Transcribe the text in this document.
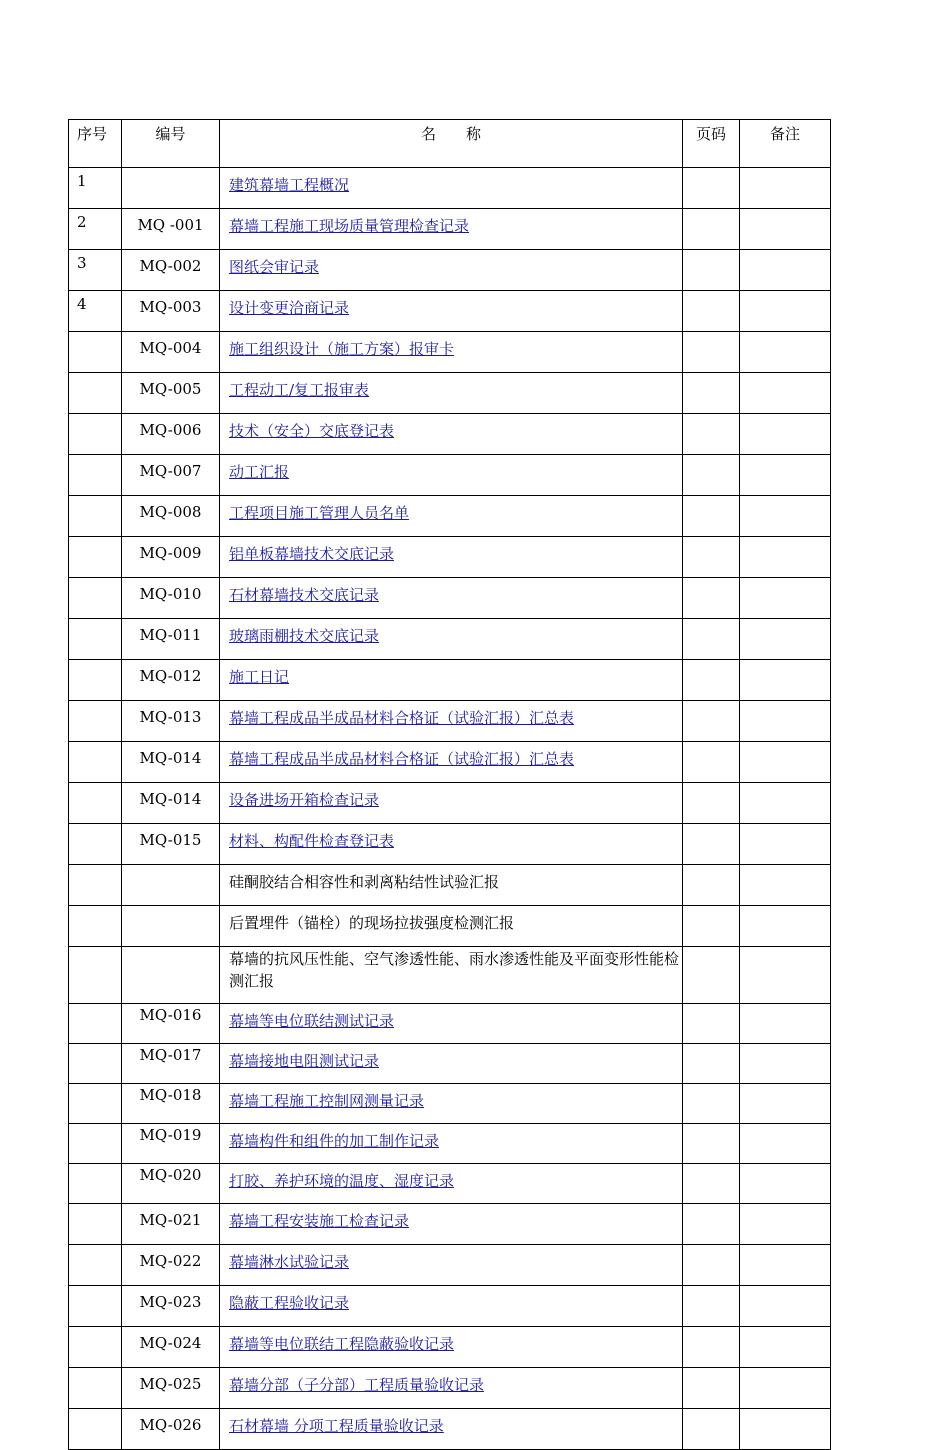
序号	编号	名　　称	页码	备注
1		建筑幕墙工程概况		
2	MQ -001	幕墙工程施工现场质量管理检查记录		
3	MQ-002	图纸会审记录		
4	MQ-003	设计变更洽商记录		
	MQ-004	施工组织设计（施工方案）报审卡		
	MQ-005	工程动工/复工报审表		
	MQ-006	技术（安全）交底登记表		
	MQ-007	动工汇报		
	MQ-008	工程项目施工管理人员名单		
	MQ-009	铝单板幕墙技术交底记录		
	MQ-010	石材幕墙技术交底记录		
	MQ-011	玻璃雨棚技术交底记录		
	MQ-012	施工日记		
	MQ-013	幕墙工程成品半成品材料合格证（试验汇报）汇总表		
	MQ-014	幕墙工程成品半成品材料合格证（试验汇报）汇总表		
	MQ-014	设备进场开箱检查记录		
	MQ-015	材料、构配件检查登记表		
		硅酮胶结合相容性和剥离粘结性试验汇报		
		后置埋件（锚栓）的现场拉拔强度检测汇报		
		幕墙的抗风压性能、空气渗透性能、雨水渗透性能及平面变形性能检测汇报		
	MQ-016	幕墙等电位联结测试记录		
	MQ-017	幕墙接地电阻测试记录		
	MQ-018	幕墙工程施工控制网测量记录		
	MQ-019	幕墙构件和组件的加工制作记录		
	MQ-020	打胶、养护环境的温度、湿度记录		
	MQ-021	幕墙工程安装施工检查记录		
	MQ-022	幕墙淋水试验记录		
	MQ-023	隐蔽工程验收记录		
	MQ-024	幕墙等电位联结工程隐蔽验收记录		
	MQ-025	幕墙分部（子分部）工程质量验收记录		
	MQ-026	石材幕墙 分项工程质量验收记录		
